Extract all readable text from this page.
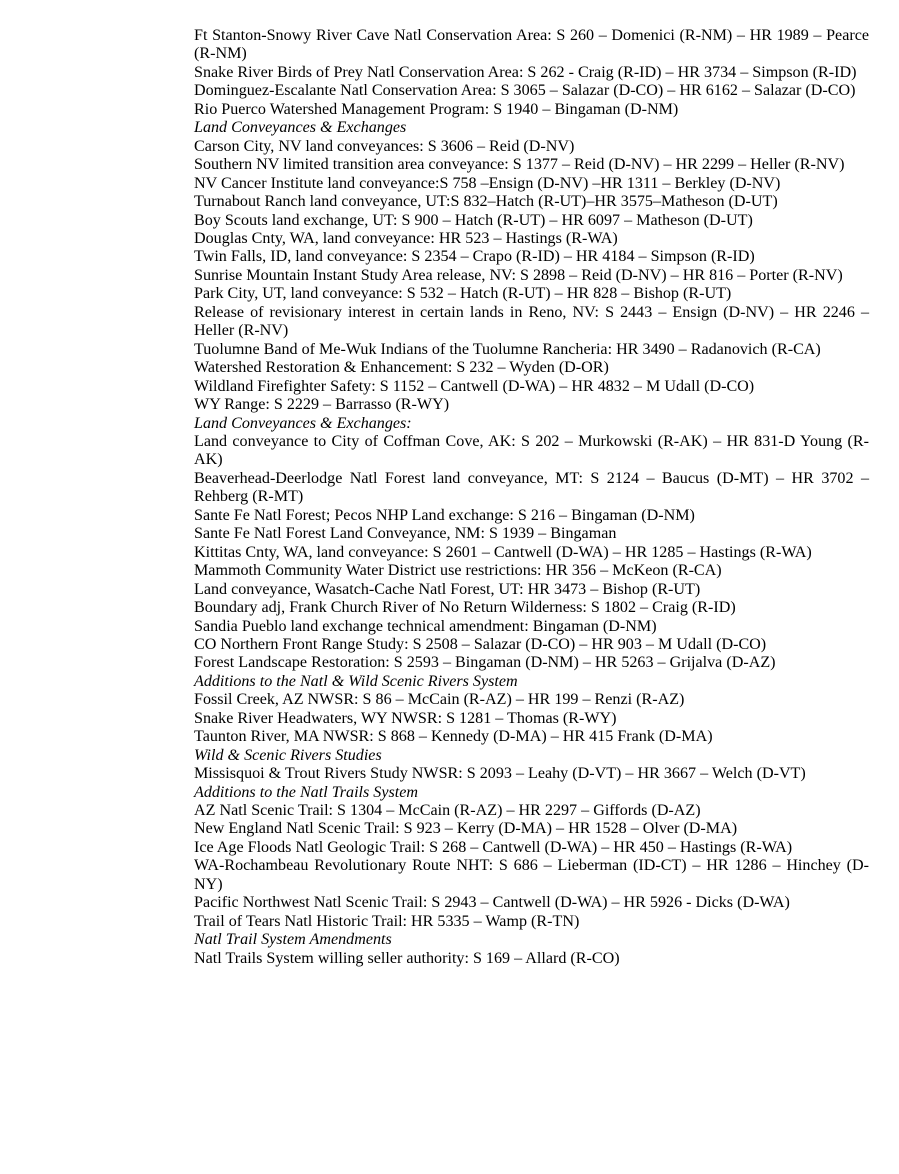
Ft Stanton-Snowy River Cave Natl Conservation Area: S 260 – Domenici (R-NM) – HR 1989 – Pearce (R-NM)

Snake River Birds of Prey Natl Conservation Area: S 262 - Craig (R-ID) – HR 3734 – Simpson (R-ID)

Dominguez-Escalante Natl Conservation Area: S 3065 – Salazar (D-CO) – HR 6162 – Salazar (D-CO)

Rio Puerco Watershed Management Program: S 1940 – Bingaman (D-NM)

Land Conveyances & Exchanges

Carson City, NV land conveyances: S 3606 – Reid (D-NV)

Southern NV limited transition area conveyance: S 1377 – Reid (D-NV) – HR 2299 – Heller (R-NV)

NV Cancer Institute land conveyance:S 758 –Ensign (D-NV) –HR 1311 – Berkley (D-NV)

Turnabout Ranch land conveyance, UT:S 832–Hatch (R-UT)–HR 3575–Matheson (D-UT)

Boy Scouts land exchange, UT: S 900 – Hatch (R-UT) – HR 6097 – Matheson (D-UT)

Douglas Cnty, WA, land conveyance: HR 523 – Hastings (R-WA)

Twin Falls, ID, land conveyance: S 2354 – Crapo (R-ID) – HR 4184 – Simpson (R-ID)

Sunrise Mountain Instant Study Area release, NV: S 2898 – Reid (D-NV) – HR 816 – Porter (R-NV)

Park City, UT, land conveyance: S 532 – Hatch (R-UT) – HR 828 – Bishop (R-UT)

Release of revisionary interest in certain lands in Reno, NV: S 2443 – Ensign (D-NV) – HR 2246 – Heller (R-NV)

Tuolumne Band of Me-Wuk Indians of the Tuolumne Rancheria: HR 3490 – Radanovich (R-CA)

Watershed Restoration & Enhancement: S 232 – Wyden (D-OR)

Wildland Firefighter Safety: S 1152 – Cantwell (D-WA) – HR 4832 – M Udall (D-CO)

WY Range: S 2229 – Barrasso (R-WY)

Land Conveyances & Exchanges:

Land conveyance to City of Coffman Cove, AK: S 202 – Murkowski (R-AK) – HR 831-D Young (R-AK)

Beaverhead-Deerlodge Natl Forest land conveyance, MT: S 2124 – Baucus (D-MT) – HR 3702 – Rehberg (R-MT)

Sante Fe Natl Forest; Pecos NHP Land exchange: S 216 – Bingaman (D-NM)

Sante Fe Natl Forest Land Conveyance, NM: S 1939 – Bingaman

Kittitas Cnty, WA, land conveyance: S 2601 – Cantwell (D-WA) – HR 1285 – Hastings (R-WA)

Mammoth Community Water District use restrictions: HR 356 – McKeon (R-CA)

Land conveyance, Wasatch-Cache Natl Forest, UT: HR 3473 – Bishop (R-UT)

Boundary adj, Frank Church River of No Return Wilderness: S 1802 – Craig (R-ID)

Sandia Pueblo land exchange technical amendment: Bingaman (D-NM)

CO Northern Front Range Study: S 2508 – Salazar (D-CO) – HR 903 – M Udall (D-CO)

Forest Landscape Restoration: S 2593 – Bingaman (D-NM) – HR 5263 – Grijalva (D-AZ)

Additions to the Natl & Wild Scenic Rivers System

Fossil Creek, AZ NWSR: S 86 – McCain (R-AZ) – HR 199 – Renzi (R-AZ)

Snake River Headwaters, WY NWSR: S 1281 – Thomas (R-WY)

Taunton River, MA NWSR: S 868 – Kennedy (D-MA) – HR 415 Frank (D-MA)

Wild & Scenic Rivers Studies

Missisquoi & Trout Rivers Study NWSR: S 2093 – Leahy (D-VT) – HR 3667 – Welch (D-VT)

Additions to the Natl Trails System

AZ Natl Scenic Trail: S 1304 – McCain (R-AZ) – HR 2297 – Giffords (D-AZ)

New England Natl Scenic Trail: S 923 – Kerry (D-MA) – HR 1528 – Olver (D-MA)

Ice Age Floods Natl Geologic Trail: S 268 – Cantwell (D-WA) – HR 450 – Hastings (R-WA)

WA-Rochambeau Revolutionary Route NHT: S 686 – Lieberman (ID-CT) – HR 1286 – Hinchey (D-NY)

Pacific Northwest Natl Scenic Trail: S 2943 – Cantwell (D-WA) – HR 5926 - Dicks (D-WA)

Trail of Tears Natl Historic Trail: HR 5335 – Wamp (R-TN)

Natl Trail System Amendments

Natl Trails System willing seller authority: S 169 – Allard (R-CO)
